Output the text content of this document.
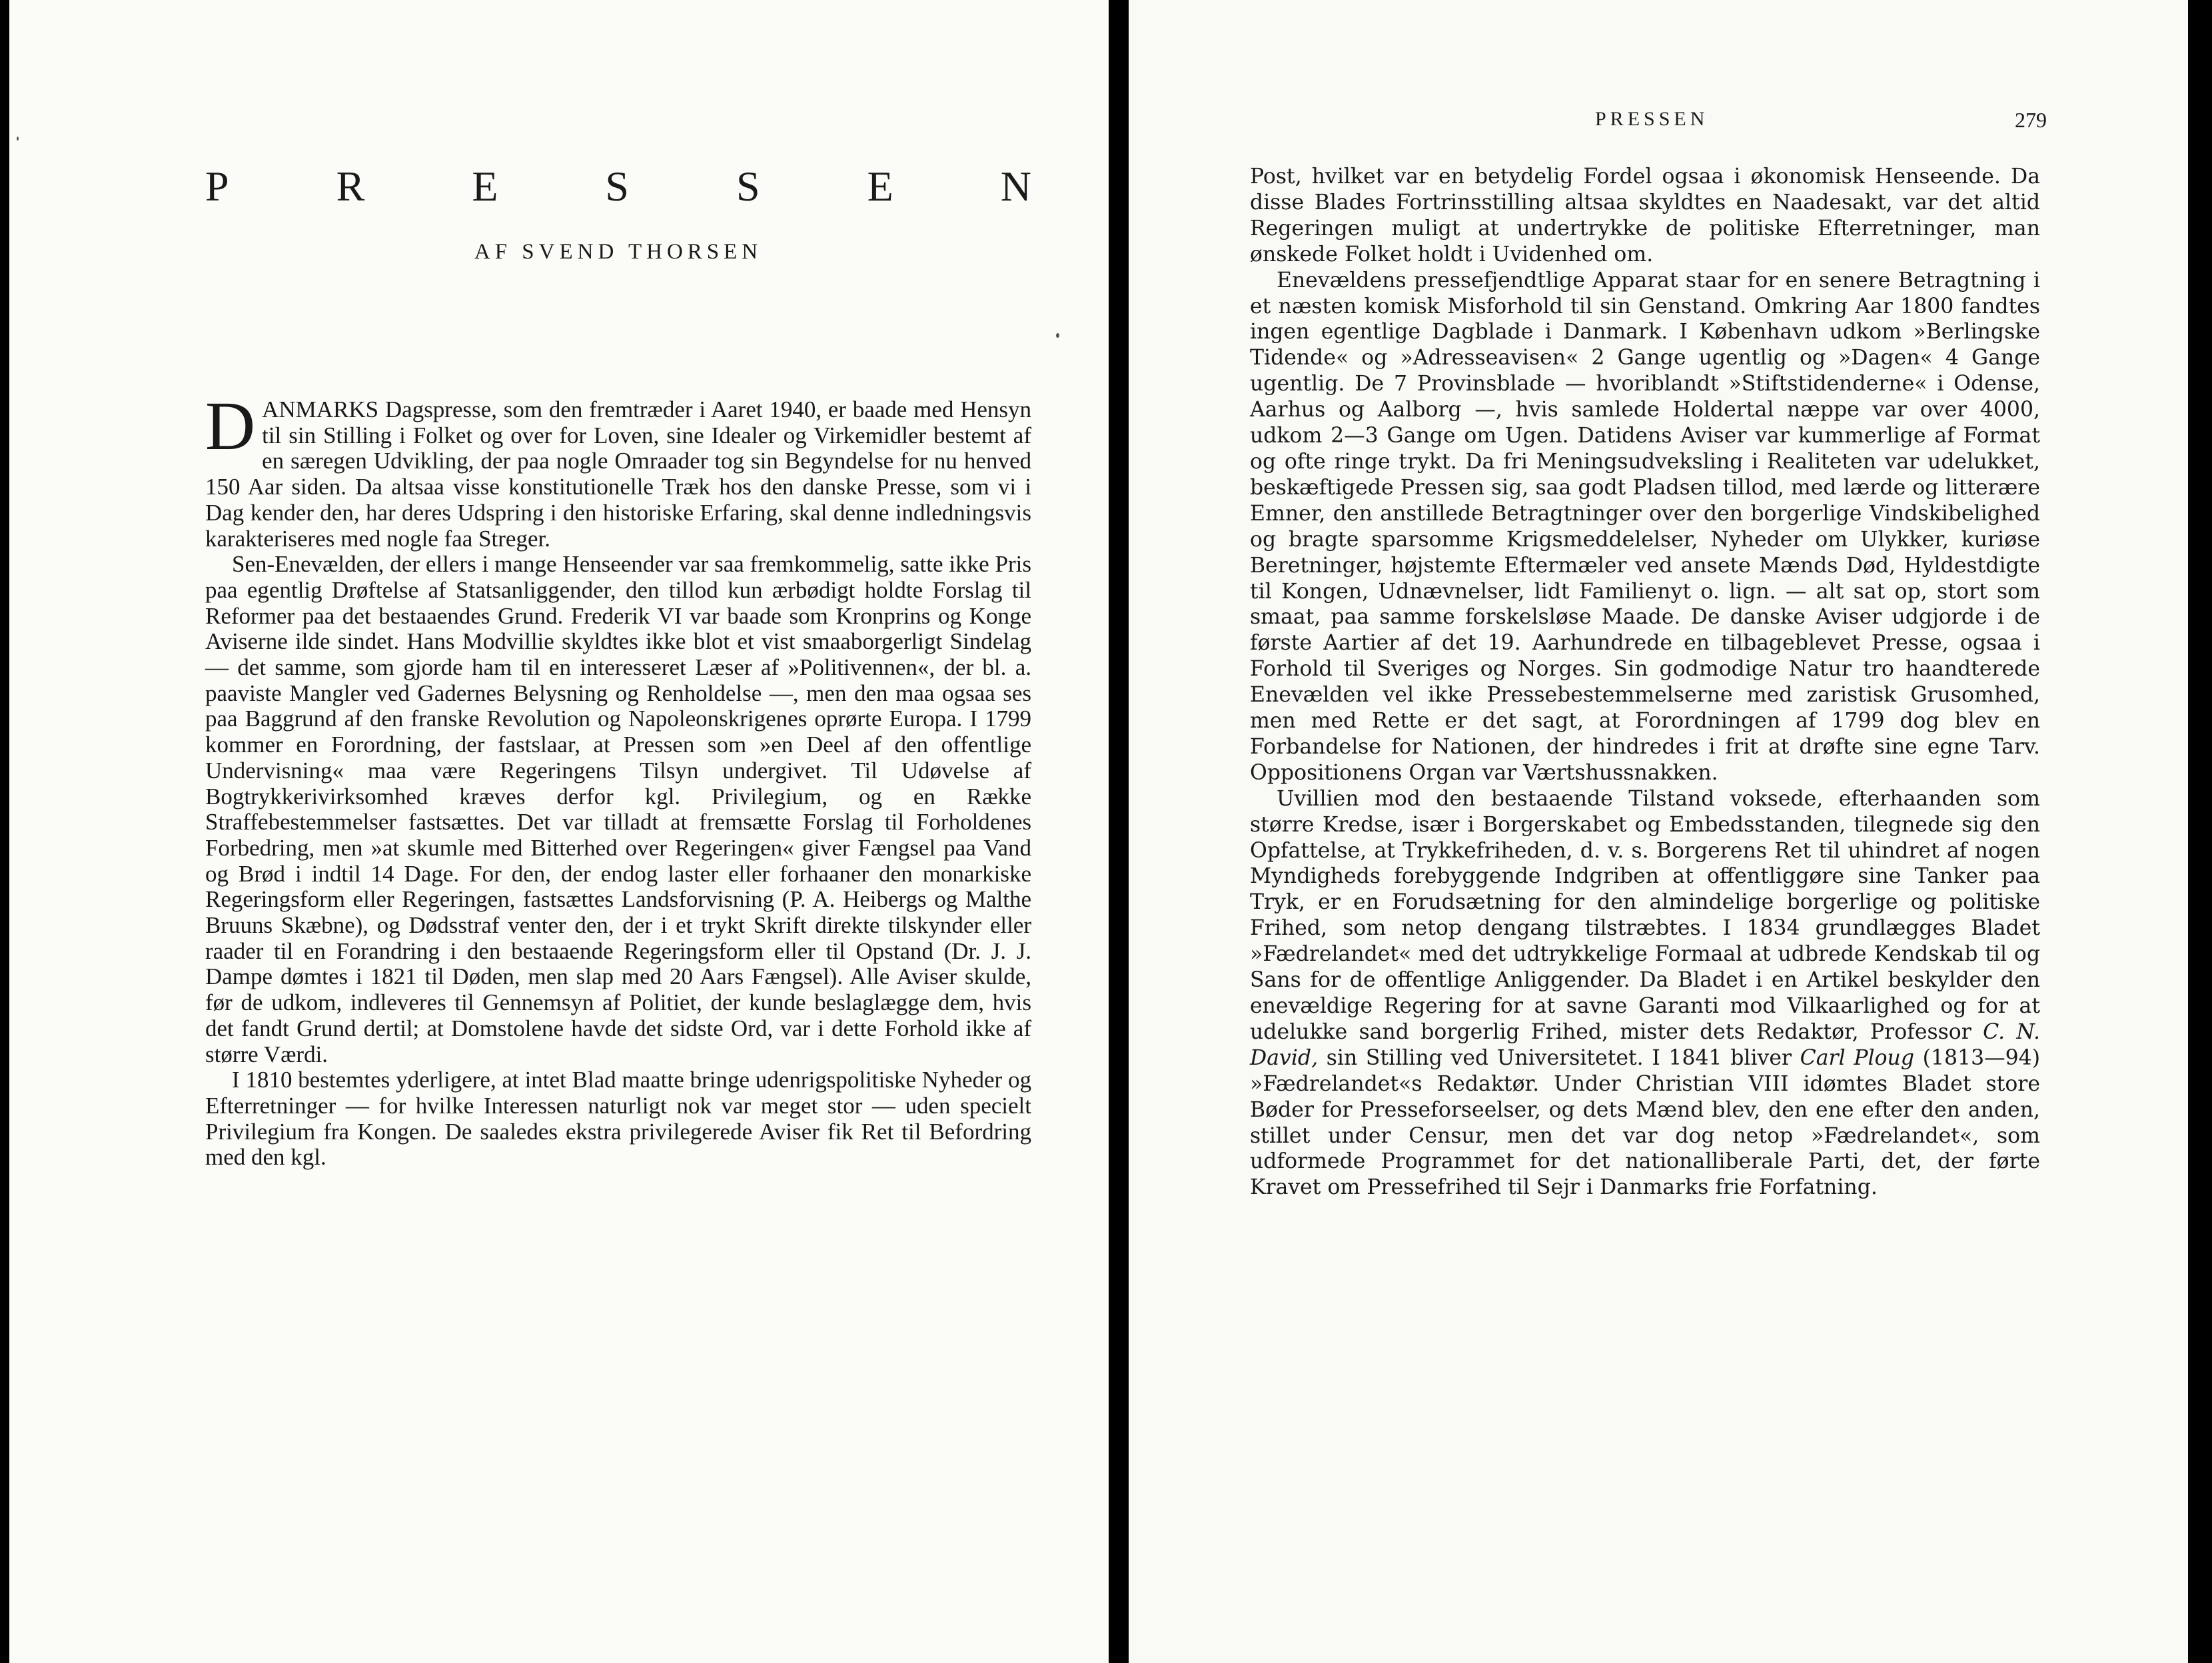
P	R	E	S	S	E	N
AF SVEND THORSEN

DANMARKS Dagspresse, som den fremtræder i Aaret 1940, er baade med Hensyn til sin Stilling i Folket og over for Loven, sine Idealer og Virkemidler bestemt af en særegen Udvikling, der paa nogle Omraader tog sin Begyndelse for nu henved 150 Aar siden. Da altsaa visse konstitutionelle Træk hos den danske Presse, som vi i Dag kender den, har deres Udspring i den historiske Erfaring, skal denne indledningsvis karakteriseres med nogle faa Streger.

Sen-Enevælden, der ellers i mange Henseender var saa fremkommelig, satte ikke Pris paa egentlig Drøftelse af Statsanliggender, den tillod kun ærbødigt holdte Forslag til Reformer paa det bestaaendes Grund. Frederik VI var baade som Kronprins og Konge Aviserne ilde sindet. Hans Modvillie skyldtes ikke blot et vist smaaborgerligt Sindelag — det samme, som gjorde ham til en interesseret Læser af »Politivennen«, der bl. a. paaviste Mangler ved Gadernes Belysning og Renholdelse —, men den maa ogsaa ses paa Baggrund af den franske Revolution og Napoleonskrigenes oprørte Europa. I 1799 kommer en Forordning, der fastslaar, at Pressen som »en Deel af den offentlige Undervisning« maa være Regeringens Tilsyn undergivet. Til Udøvelse af Bogtrykkerivirksomhed kræves derfor kgl. Privilegium, og en Række Straffebestemmelser fastsættes. Det var tilladt at fremsætte Forslag til Forholdenes Forbedring, men »at skumle med Bitterhed over Regeringen« giver Fængsel paa Vand og Brød i indtil 14 Dage. For den, der endog laster eller forhaaner den monarkiske Regeringsform eller Regeringen, fastsættes Landsforvisning (P. A. Heibergs og Malthe Bruuns Skæbne), og Dødsstraf venter den, der i et trykt Skrift direkte tilskynder eller raader til en Forandring i den bestaaende Regeringsform eller til Opstand (Dr. J. J. Dampe dømtes i 1821 til Døden, men slap med 20 Aars Fængsel). Alle Aviser skulde, før de udkom, indleveres til Gennemsyn af Politiet, der kunde beslaglægge dem, hvis det fandt Grund dertil; at Domstolene havde det sidste Ord, var i dette Forhold ikke af større Værdi.

I 1810 bestemtes yderligere, at intet Blad maatte bringe udenrigspolitiske Nyheder og Efterretninger — for hvilke Interessen naturligt nok var meget stor — uden specielt Privilegium fra Kongen. De saaledes ekstra privilegerede Aviser fik Ret til Befordring med den kgl.

PRESSEN	279

Post, hvilket var en betydelig Fordel ogsaa i økonomisk Henseende. Da disse Blades Fortrinsstilling altsaa skyldtes en Naadesakt, var det altid Regeringen muligt at undertrykke de politiske Efterretninger, man ønskede Folket holdt i Uvidenhed om.

Enevældens pressefjendtlige Apparat staar for en senere Betragtning i et næsten komisk Misforhold til sin Genstand. Omkring Aar 1800 fandtes ingen egentlige Dagblade i Danmark. I København udkom »Berlingske Tidende« og »Adresseavisen« 2 Gange ugentlig og »Dagen« 4 Gange ugentlig. De 7 Provinsblade — hvoriblandt »Stiftstidenderne« i Odense, Aarhus og Aalborg —, hvis samlede Holdertal næppe var over 4000, udkom 2—3 Gange om Ugen. Datidens Aviser var kummerlige af Format og ofte ringe trykt. Da fri Meningsudveksling i Realiteten var udelukket, beskæftigede Pressen sig, saa godt Pladsen tillod, med lærde og litterære Emner, den anstillede Betragtninger over den borgerlige Vindskibelighed og bragte sparsomme Krigsmeddelelser, Nyheder om Ulykker, kuriøse Beretninger, højstemte Eftermæler ved ansete Mænds Død, Hyldestdigte til Kongen, Udnævnelser, lidt Familienyt o. lign. — alt sat op, stort som smaat, paa samme forskelsløse Maade. De danske Aviser udgjorde i de første Aartier af det 19. Aarhundrede en tilbageblevet Presse, ogsaa i Forhold til Sveriges og Norges. Sin godmodige Natur tro haandterede Enevælden vel ikke Pressebestemmelserne med zaristisk Grusomhed, men med Rette er det sagt, at Forordningen af 1799 dog blev en Forbandelse for Nationen, der hindredes i frit at drøfte sine egne Tarv. Oppositionens Organ var Værtshussnakken.

Uvillien mod den bestaaende Tilstand voksede, efterhaanden som større Kredse, især i Borgerskabet og Embedsstanden, tilegnede sig den Opfattelse, at Trykkefriheden, d. v. s. Borgerens Ret til uhindret af nogen Myndigheds forebyggende Indgriben at offentliggøre sine Tanker paa Tryk, er en Forudsætning for den almindelige borgerlige og politiske Frihed, som netop dengang tilstræbtes. I 1834 grundlægges Bladet »Fædrelandet« med det udtrykkelige Formaal at udbrede Kendskab til og Sans for de offentlige Anliggender. Da Bladet i en Artikel beskylder den enevældige Regering for at savne Garanti mod Vilkaarlighed og for at udelukke sand borgerlig Frihed, mister dets Redaktør, Professor C. N. David, sin Stilling ved Universitetet. I 1841 bliver Carl Ploug (1813—94) »Fædrelandet«s Redaktør. Under Christian VIII idømtes Bladet store Bøder for Presseforseelser, og dets Mænd blev, den ene efter den anden, stillet under Censur, men det var dog netop »Fædrelandet«, som udformede Programmet for det nationalliberale Parti, det, der førte Kravet om Pressefrihed til Sejr i Danmarks frie Forfatning.
